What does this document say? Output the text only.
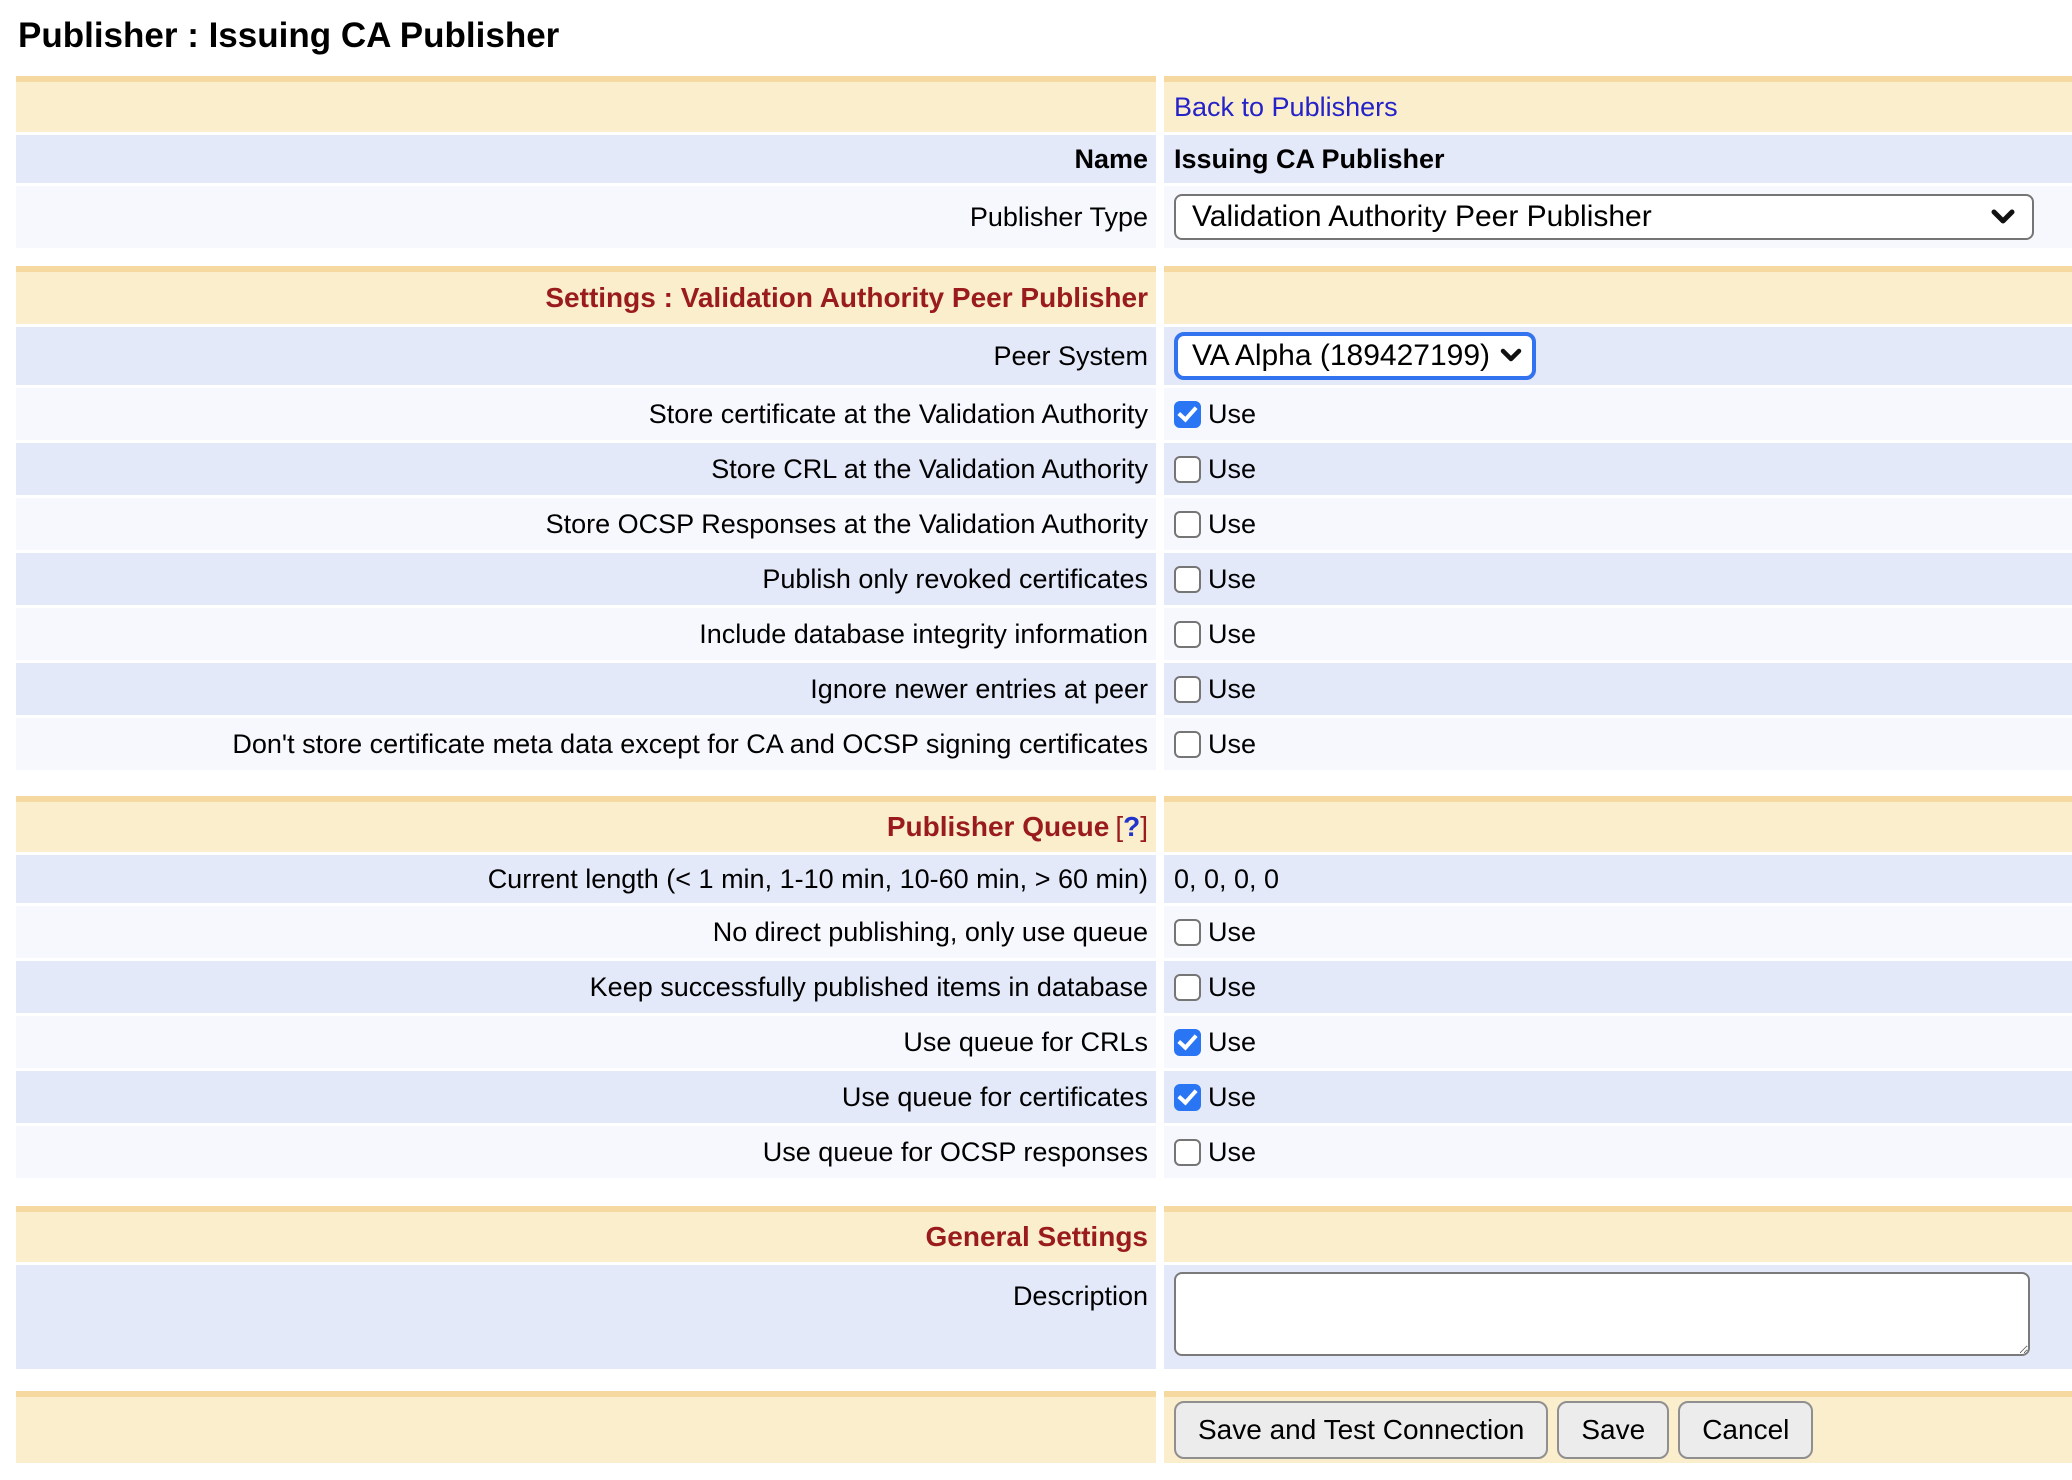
Publisher : Issuing CA Publisher
Back to Publishers
Name Issuing CA Publisher
Publisher Type Validation Authority Peer Publisher
Settings : Validation Authority Peer Publisher
Peer System VA Alpha (189427199)
Store certificate at the Validation Authority Use
Store CRL at the Validation Authority Use
Store OCSP Responses at the Validation Authority Use
Publish only revoked certificates Use
Include database integrity information Use
Ignore newer entries at peer Use
Don't store certificate meta data except for CA and OCSP signing certificates Use
Publisher Queue [ ? ]
Current length (< 1 min, 1-10 min, 10-60 min, > 60 min) 0, 0, 0, 0
No direct publishing, only use queue Use
Keep successfully published items in database Use
Use queue for CRLs Use
Use queue for certificates Use
Use queue for OCSP responses Use
General Settings
Description
Save and Test Connection	Save	Cancel
